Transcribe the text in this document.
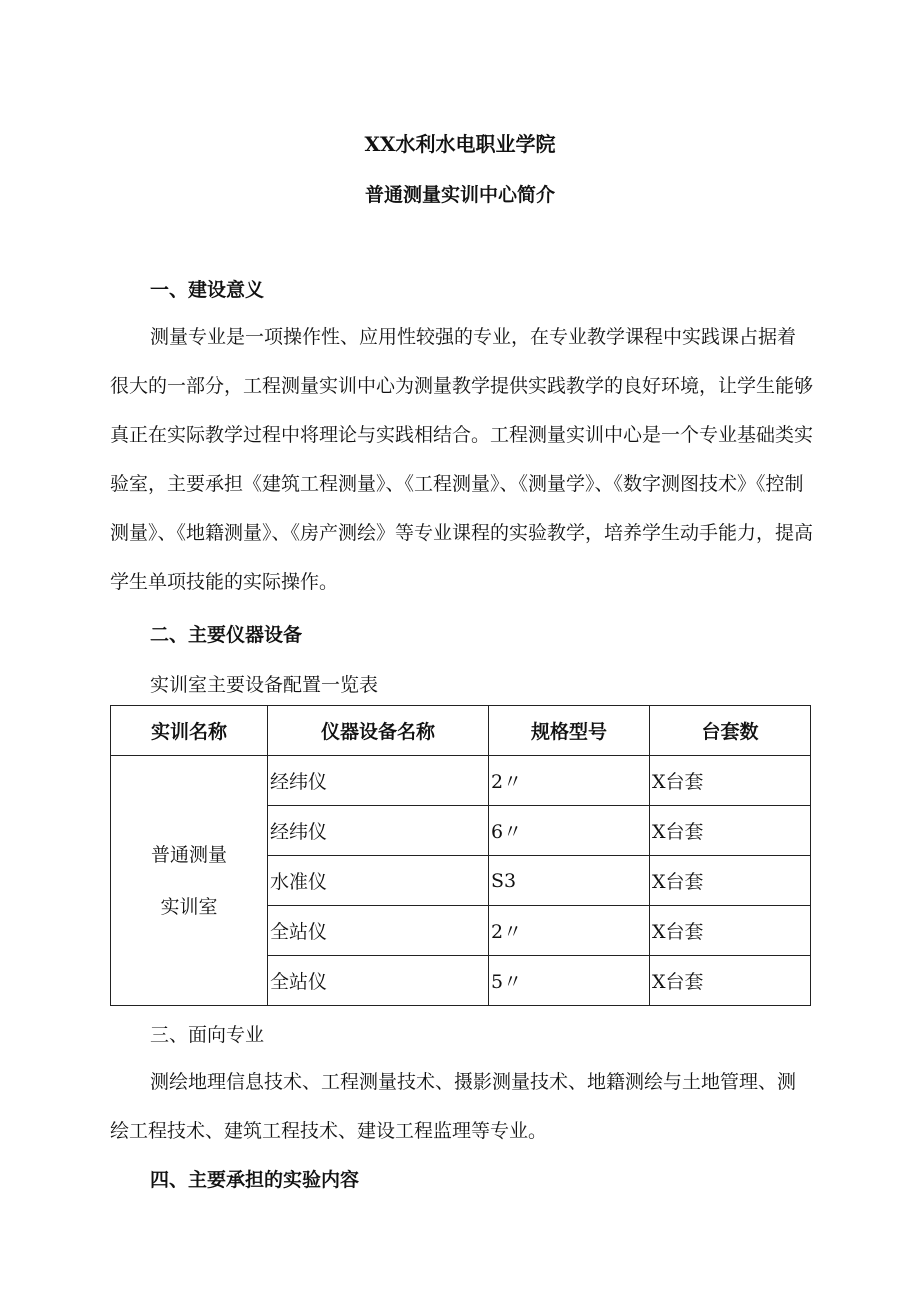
XX水利水电职业学院
普通测量实训中心简介
一、建设意义
测量专业是一项操作性、应用性较强的专业，在专业教学课程中实践课占据着很大的一部分，工程测量实训中心为测量教学提供实践教学的良好环境，让学生能够真正在实际教学过程中将理论与实践相结合。工程测量实训中心是一个专业基础类实验室，主要承担《建筑工程测量》、《工程测量》、《测量学》、《数字测图技术》《控制测量》、《地籍测量》、《房产测绘》等专业课程的实验教学，培养学生动手能力，提高学生单项技能的实际操作。
二、主要仪器设备
实训室主要设备配置一览表
实训名称	仪器设备名称	规格型号	台套数

普通测量
实训室	经纬仪	2〃	X台套
	经纬仪	6〃	X台套
	水准仪	S3	X台套
	全站仪	2〃	X台套
	全站仪	5〃	X台套
三、面向专业
测绘地理信息技术、工程测量技术、摄影测量技术、地籍测绘与土地管理、测绘工程技术、建筑工程技术、建设工程监理等专业。
四、主要承担的实验内容
